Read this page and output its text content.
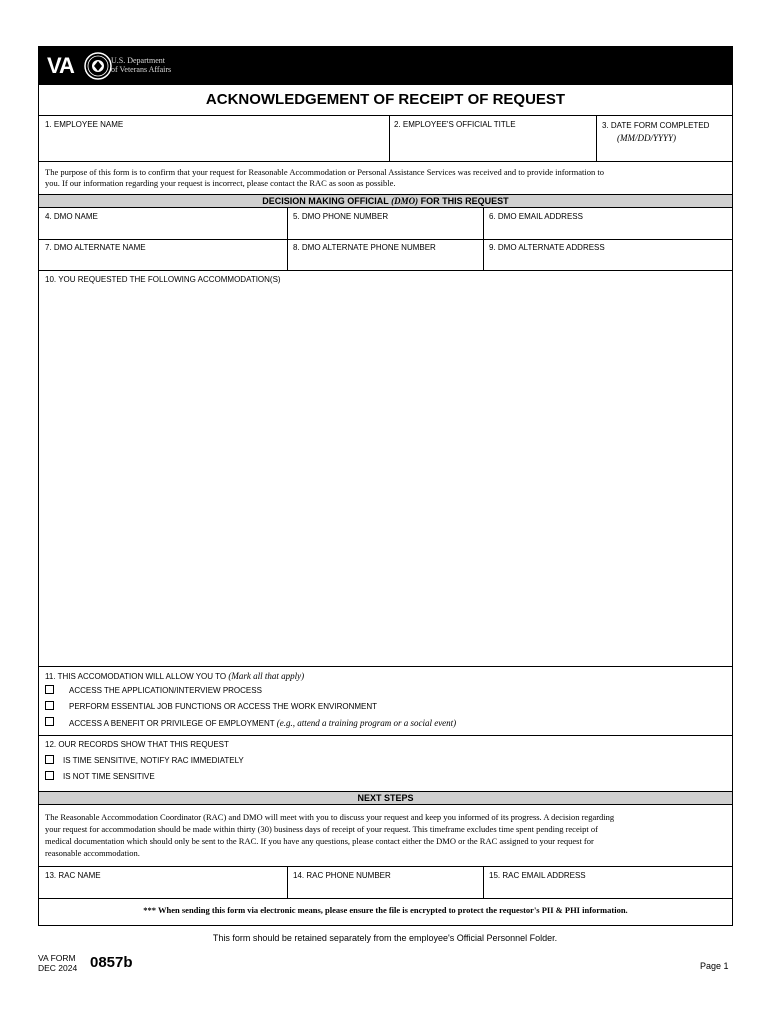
VA	U.S. Department
of Veterans Affairs
ACKNOWLEDGEMENT OF RECEIPT OF REQUEST
1. EMPLOYEE NAME	2. EMPLOYEE'S OFFICIAL TITLE	3. DATE FORM COMPLETED
(MM/DD/YYYY)
The purpose of this form is to confirm that your request for Reasonable Accommodation or Personal Assistance Services was received and to provide information to
you. If our information regarding your request is incorrect, please contact the RAC as soon as possible.
DECISION MAKING OFFICIAL (DMO) FOR THIS REQUEST
4. DMO NAME	5. DMO PHONE NUMBER	6. DMO EMAIL ADDRESS
7. DMO ALTERNATE NAME	8. DMO ALTERNATE PHONE NUMBER	9. DMO ALTERNATE ADDRESS
10. YOU REQUESTED THE FOLLOWING ACCOMMODATION(S)
11. THIS ACCOMODATION WILL ALLOW YOU TO (Mark all that apply)
ACCESS THE APPLICATION/INTERVIEW PROCESS
PERFORM ESSENTIAL JOB FUNCTIONS OR ACCESS THE WORK ENVIRONMENT
ACCESS A BENEFIT OR PRIVILEGE OF EMPLOYMENT (e.g., attend a training program or a social event)
12. OUR RECORDS SHOW THAT THIS REQUEST
IS TIME SENSITIVE, NOTIFY RAC IMMEDIATELY
IS NOT TIME SENSITIVE
NEXT STEPS
The Reasonable Accommodation Coordinator (RAC) and DMO will meet with you to discuss your request and keep you informed of its progress. A decision regarding
your request for accommodation should be made within thirty (30) business days of receipt of your request. This timeframe excludes time spent pending receipt of
medical documentation which should only be sent to the RAC. If you have any questions, please contact either the DMO or the RAC assigned to your request for
reasonable accommodation.
13. RAC NAME	14. RAC PHONE NUMBER	15. RAC EMAIL ADDRESS
*** When sending this form via electronic means, please ensure the file is encrypted to protect the requestor's PII & PHI information.
This form should be retained separately from the employee's Official Personnel Folder.
VA FORM
DEC 2024 0857b	Page 1
